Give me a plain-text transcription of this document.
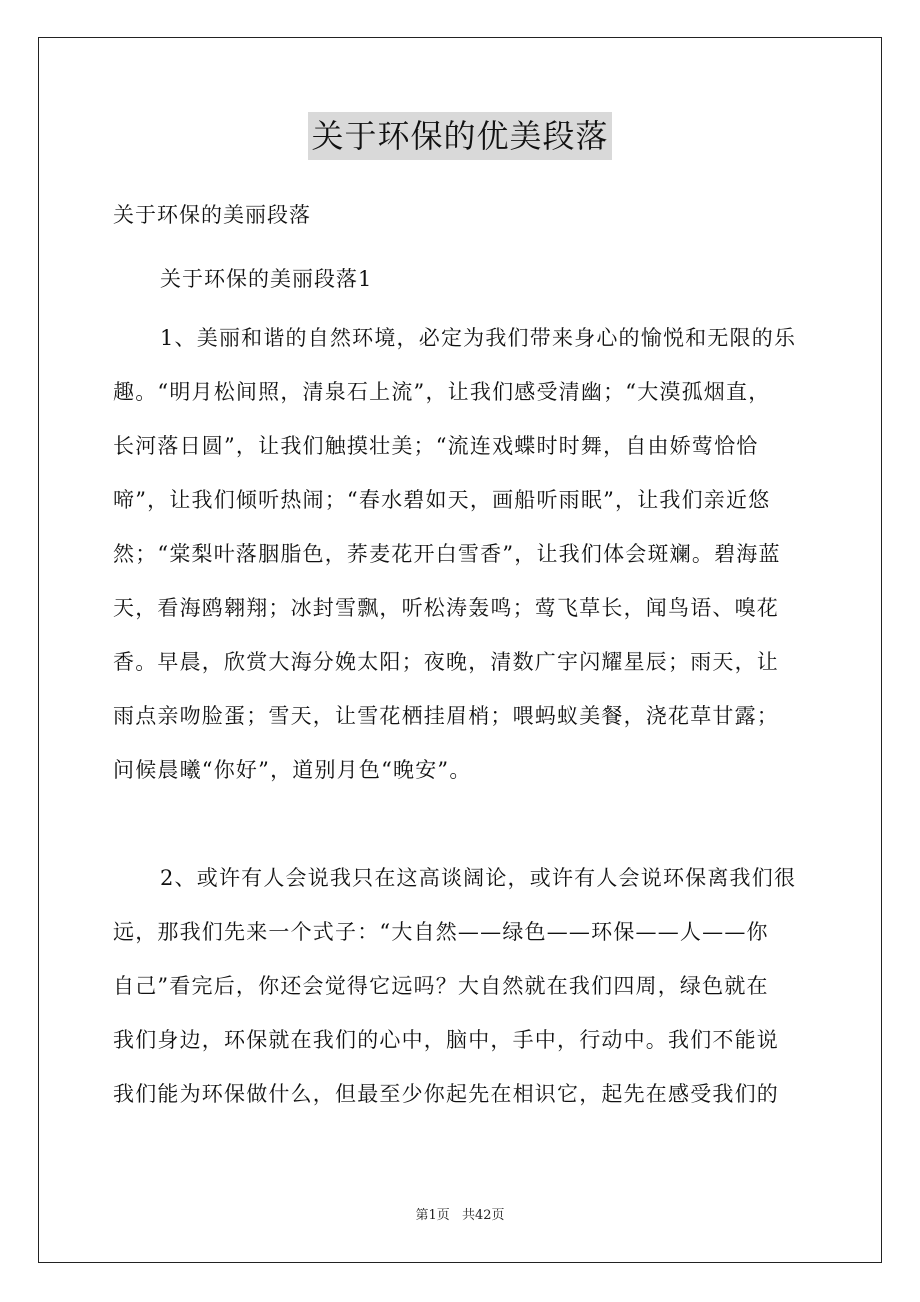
关于环保的优美段落
关于环保的美丽段落
关于环保的美丽段落1
1、美丽和谐的自然环境，必定为我们带来身心的愉悦和无限的乐
趣。“明月松间照，清泉石上流”，让我们感受清幽；“大漠孤烟直，
长河落日圆”，让我们触摸壮美；“流连戏蝶时时舞，自由娇莺恰恰
啼”，让我们倾听热闹；“春水碧如天，画船听雨眠”，让我们亲近悠
然；“棠梨叶落胭脂色，荞麦花开白雪香”，让我们体会斑斓。碧海蓝
天，看海鸥翱翔；冰封雪飘，听松涛轰鸣；莺飞草长，闻鸟语、嗅花
香。早晨，欣赏大海分娩太阳；夜晚，清数广宇闪耀星辰；雨天，让
雨点亲吻脸蛋；雪天，让雪花栖挂眉梢；喂蚂蚁美餐，浇花草甘露；
问候晨曦“你好”，道别月色“晚安”。
2、或许有人会说我只在这高谈阔论，或许有人会说环保离我们很
远，那我们先来一个式子：“大自然——绿色——环保——人——你
自己”看完后，你还会觉得它远吗？大自然就在我们四周，绿色就在
我们身边，环保就在我们的心中，脑中，手中，行动中。我们不能说
我们能为环保做什么，但最至少你起先在相识它，起先在感受我们的
第1页 共42页
